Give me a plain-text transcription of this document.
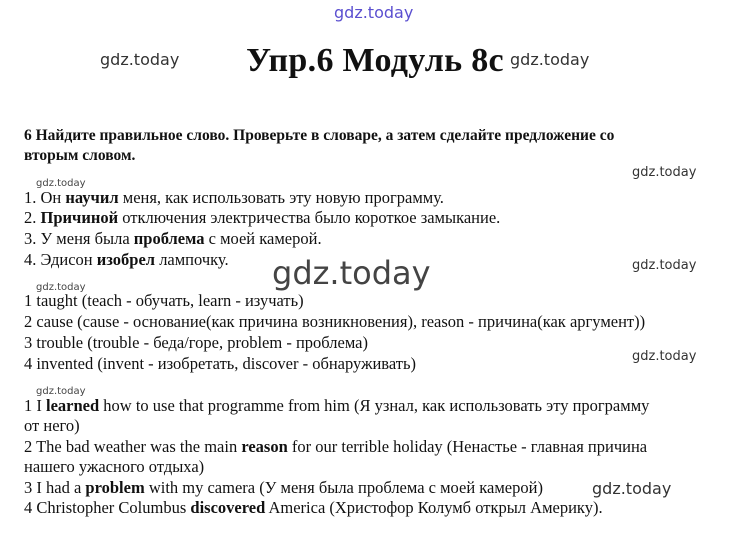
gdz.today
gdz.today	gdz.today
gdz.today
gdz.today
gdz.today	gdz.today
gdz.today
gdz.today
gdz.today
gdz.today
Упр.6 Модуль 8с
6 Найдите правильное слово. Проверьте в словаре, а затем сделайте предложение со
вторым словом.
1. Он научил меня, как использовать эту новую программу.
2. Причиной отключения электричества было короткое замыкание.
3. У меня была проблема с моей камерой.
4. Эдисон изобрел лампочку.
1 taught (teach - обучать, learn - изучать)
2 cause (cause - основание(как причина возникновения), reason - причина(как аргумент))
3 trouble (trouble - беда/горе, problem - проблема)
4 invented (invent - изобретать, discover - обнаруживать)
1 I learned how to use that programme from him (Я узнал, как использовать эту программу
от него)
2 The bad weather was the main reason for our terrible holiday (Ненастье - главная причина
нашего ужасного отдыха)
3 I had a problem with my camera (У меня была проблема с моей камерой)
4 Christopher Columbus discovered America (Христофор Колумб открыл Америку).
